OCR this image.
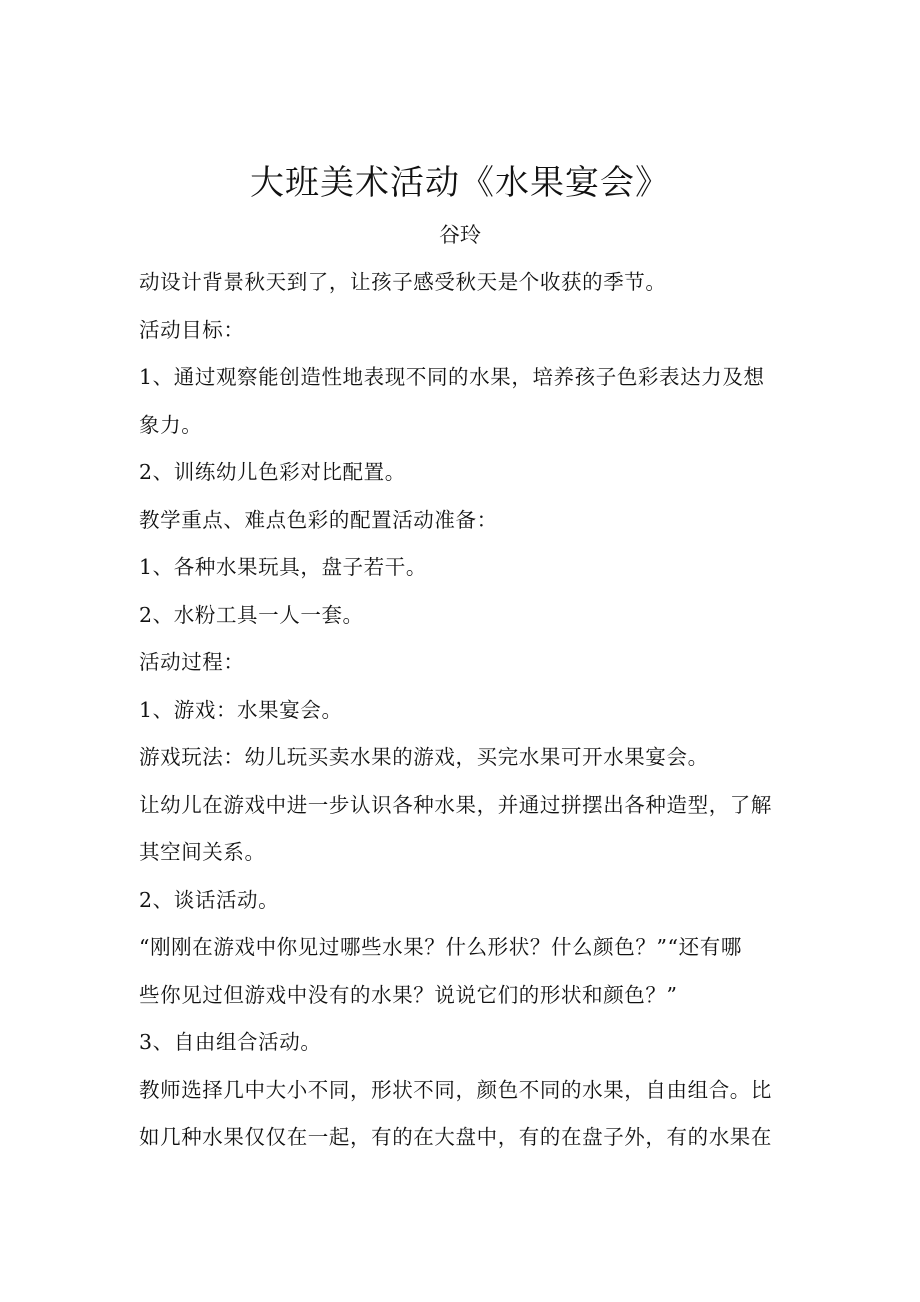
大班美术活动《水果宴会》
谷玲
动设计背景秋天到了，让孩子感受秋天是个收获的季节。
活动目标：
1、通过观察能创造性地表现不同的水果，培养孩子色彩表达力及想
象力。
2、训练幼儿色彩对比配置。
教学重点、难点色彩的配置活动准备：
1、各种水果玩具，盘子若干。
2、水粉工具一人一套。
活动过程：
1、游戏：水果宴会。
游戏玩法：幼儿玩买卖水果的游戏，买完水果可开水果宴会。
让幼儿在游戏中进一步认识各种水果，并通过拼摆出各种造型，了解
其空间关系。
2、谈话活动。
“刚刚在游戏中你见过哪些水果？什么形状？什么颜色？”“还有哪
些你见过但游戏中没有的水果？说说它们的形状和颜色？”
3、自由组合活动。
教师选择几中大小不同，形状不同，颜色不同的水果，自由组合。比
如几种水果仅仅在一起，有的在大盘中，有的在盘子外，有的水果在
